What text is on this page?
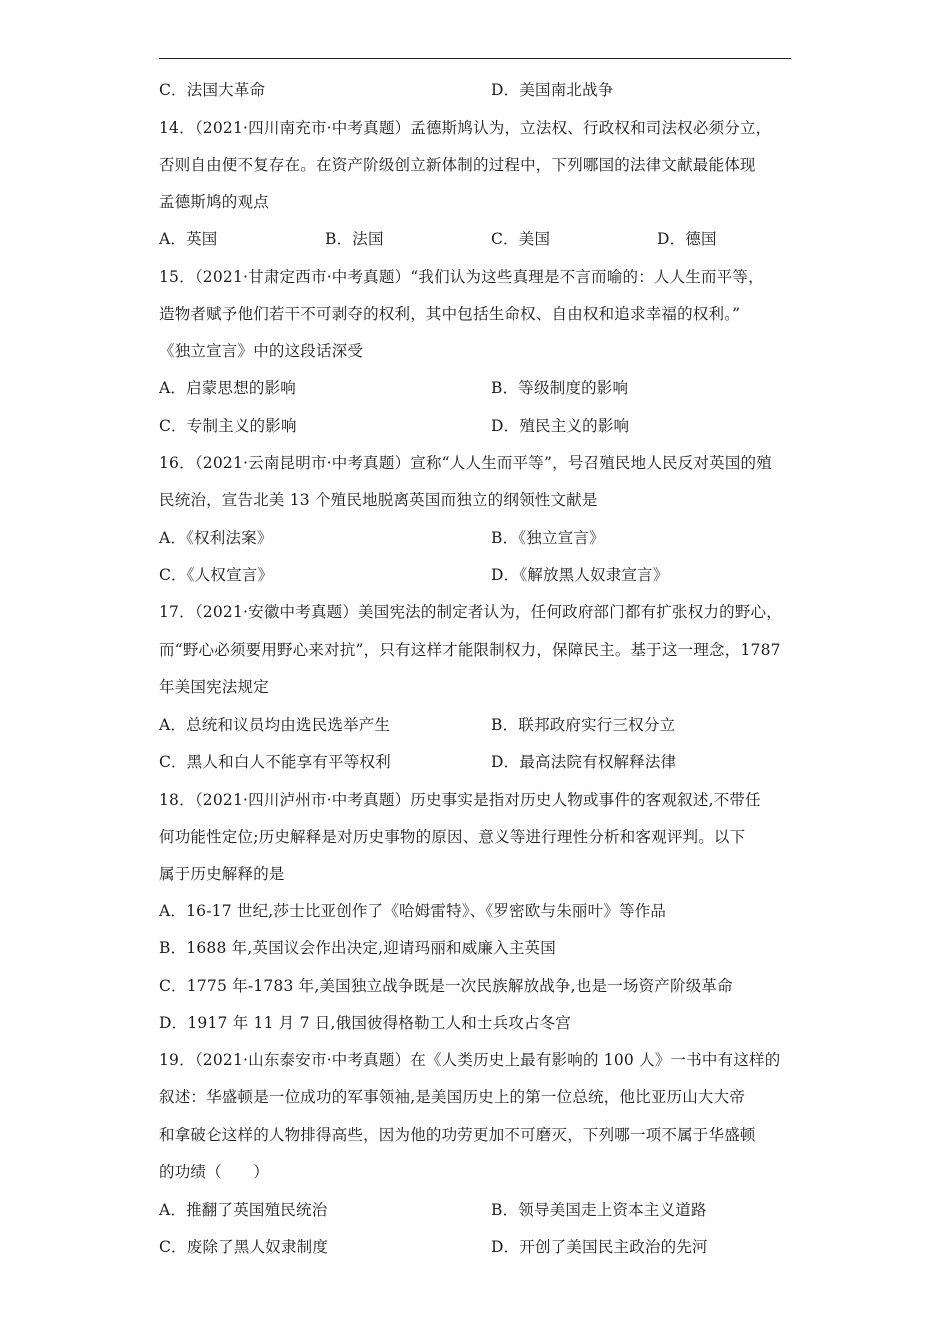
C．法国大革命	D．美国南北战争
14．（2021·四川南充市·中考真题）孟德斯鸠认为，立法权、行政权和司法权必须分立，
否则自由便不复存在。在资产阶级创立新体制的过程中，下列哪国的法律文献最能体现
孟德斯鸠的观点
A．英国	B．法国	C．美国	D．德国
15．（2021·甘肃定西市·中考真题）“我们认为这些真理是不言而喻的：人人生而平等，
造物者赋予他们若干不可剥夺的权利，其中包括生命权、自由权和追求幸福的权利。”
《独立宣言》中的这段话深受
A．启蒙思想的影响	B．等级制度的影响
C．专制主义的影响	D．殖民主义的影响
16．（2021·云南昆明市·中考真题）宣称“人人生而平等”，号召殖民地人民反对英国的殖
民统治，宣告北美 13 个殖民地脱离英国而独立的纲领性文献是
A．《权利法案》	B．《独立宣言》
C．《人权宣言》	D．《解放黑人奴隶宣言》
17．（2021·安徽中考真题）美国宪法的制定者认为，任何政府部门都有扩张权力的野心，
而“野心必须要用野心来对抗”，只有这样才能限制权力，保障民主。基于这一理念，1787
年美国宪法规定
A．总统和议员均由选民选举产生	B．联邦政府实行三权分立
C．黑人和白人不能享有平等权利	D．最高法院有权解释法律
18．（2021·四川泸州市·中考真题）历史事实是指对历史人物或事件的客观叙述,不带任
何功能性定位;历史解释是对历史事物的原因、意义等进行理性分析和客观评判。以下
属于历史解释的是
A．16-17 世纪,莎士比亚创作了《哈姆雷特》、《罗密欧与朱丽叶》等作品
B．1688 年,英国议会作出决定,迎请玛丽和威廉入主英国
C．1775 年-1783 年,美国独立战争既是一次民族解放战争,也是一场资产阶级革命
D．1917 年 11 月 7 日,俄国彼得格勒工人和士兵攻占冬宫
19．（2021·山东泰安市·中考真题）在《人类历史上最有影响的 100 人》一书中有这样的
叙述：华盛顿是一位成功的军事领袖,是美国历史上的第一位总统，他比亚历山大大帝
和拿破仑这样的人物排得高些，因为他的功劳更加不可磨灭，下列哪一项不属于华盛顿
的功绩（　　）
A．推翻了英国殖民统治	B．领导美国走上资本主义道路
C．废除了黑人奴隶制度	D．开创了美国民主政治的先河
